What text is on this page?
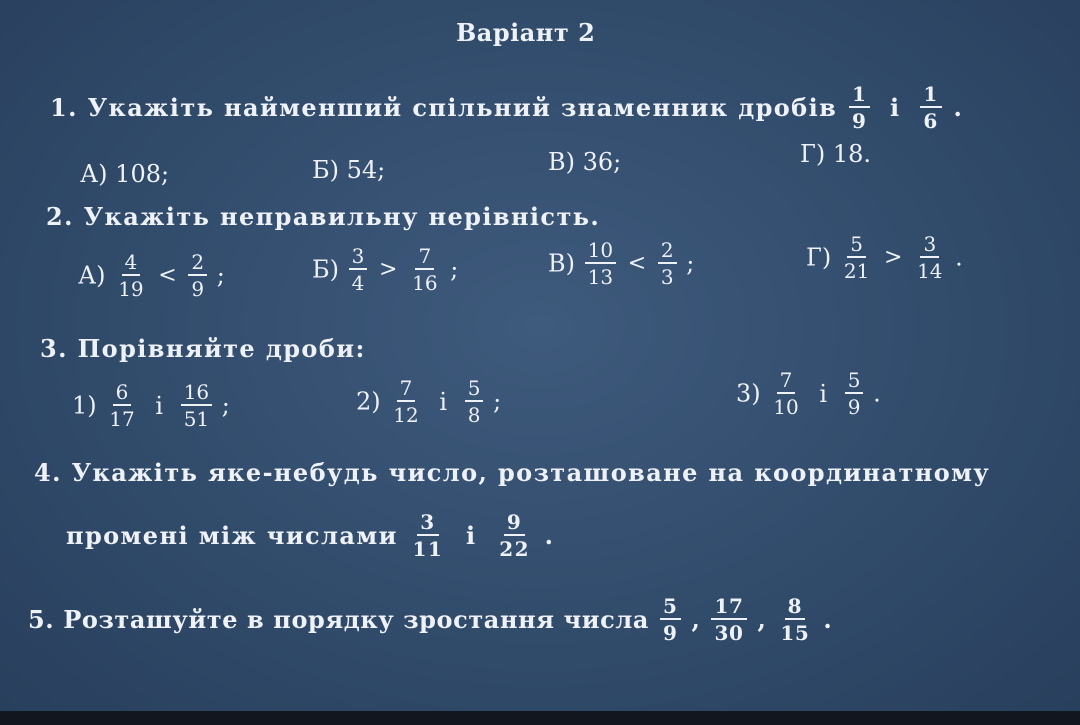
Варіант 2
1. Укажіть найменший спільний знаменник дробів $\frac{1}{9}$ і $\frac{1}{6}$ .
А) 108;	Б) 54;	В) 36;	Г) 18.
2. Укажіть неправильну нерівність.
$А) \frac{4}{19} < \frac{2}{9}$ ;	$Б) \frac{3}{4} > \frac{7}{16}$ ;	$В) \frac{10}{13} < \frac{2}{3}$ ;	$Г) \frac{5}{21} > \frac{3}{14}$ .
3. Порівняйте дроби:
$1) \frac{6}{17}$ і $\frac{16}{51}$ ;	$2) \frac{7}{12}$ і $\frac{5}{8}$ ;	$3) \frac{7}{10}$ і $\frac{5}{9}$ .
4. Укажіть яке-небудь число, розташоване на координатному
промені між числами $\frac{3}{11}$ і $\frac{9}{22}$ .
5. Розташуйте в порядку зростання числа $\frac{5}{9}$ , $\frac{17}{30}$ , $\frac{8}{15}$ .
